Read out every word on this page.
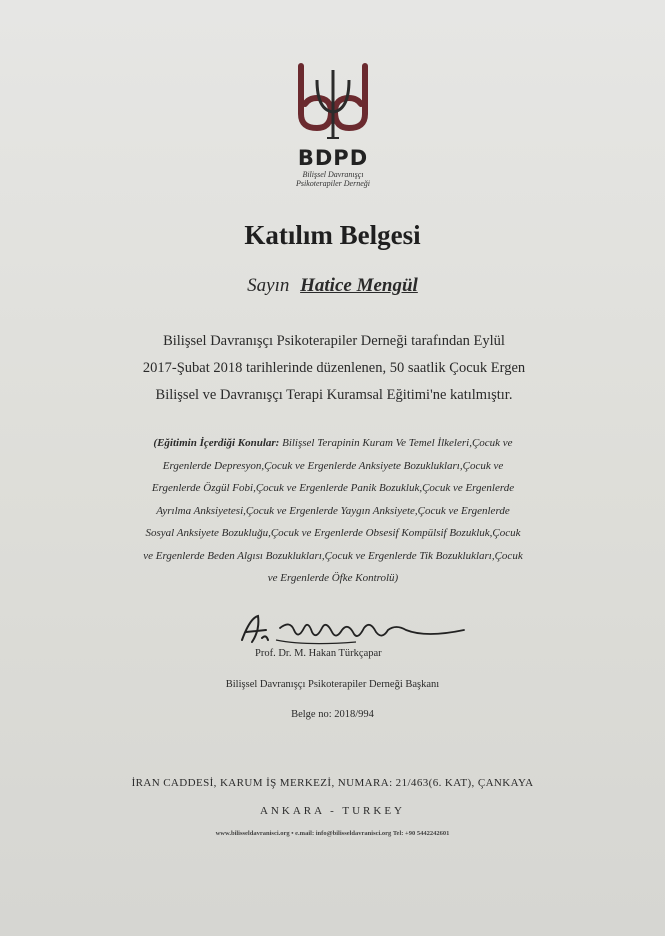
BDPD
Bilişsel Davranışçı
Psikoterapiler Derneği
Katılım Belgesi
Sayın Hatice Mengül
Bilişsel Davranışçı Psikoterapiler Derneği tarafından Eylül
2017-Şubat 2018 tarihlerinde düzenlenen, 50 saatlik Çocuk Ergen
Bilişsel ve Davranışçı Terapi Kuramsal Eğitimi'ne katılmıştır.
(Eğitimin İçerdiği Konular: Bilişsel Terapinin Kuram Ve Temel İlkeleri,Çocuk ve
Ergenlerde Depresyon,Çocuk ve Ergenlerde Anksiyete Bozuklukları,Çocuk ve
Ergenlerde Özgül Fobi,Çocuk ve Ergenlerde Panik Bozukluk,Çocuk ve Ergenlerde
Ayrılma Anksiyetesi,Çocuk ve Ergenlerde Yaygın Anksiyete,Çocuk ve Ergenlerde
Sosyal Anksiyete Bozukluğu,Çocuk ve Ergenlerde Obsesif Kompülsif Bozukluk,Çocuk
ve Ergenlerde Beden Algısı Bozuklukları,Çocuk ve Ergenlerde Tik Bozuklukları,Çocuk
ve Ergenlerde Öfke Kontrolü)
Prof. Dr. M. Hakan Türkçapar
Bilişsel Davranışçı Psikoterapiler Derneği Başkanı
Belge no: 2018/994
İRAN CADDESİ, KARUM İŞ MERKEZİ, NUMARA: 21/463(6. KAT), ÇANKAYA
ANKARA - TURKEY
www.bilisseldavranisci.org • e.mail: info@bilisseldavranisci.org Tel: +90 5442242601
